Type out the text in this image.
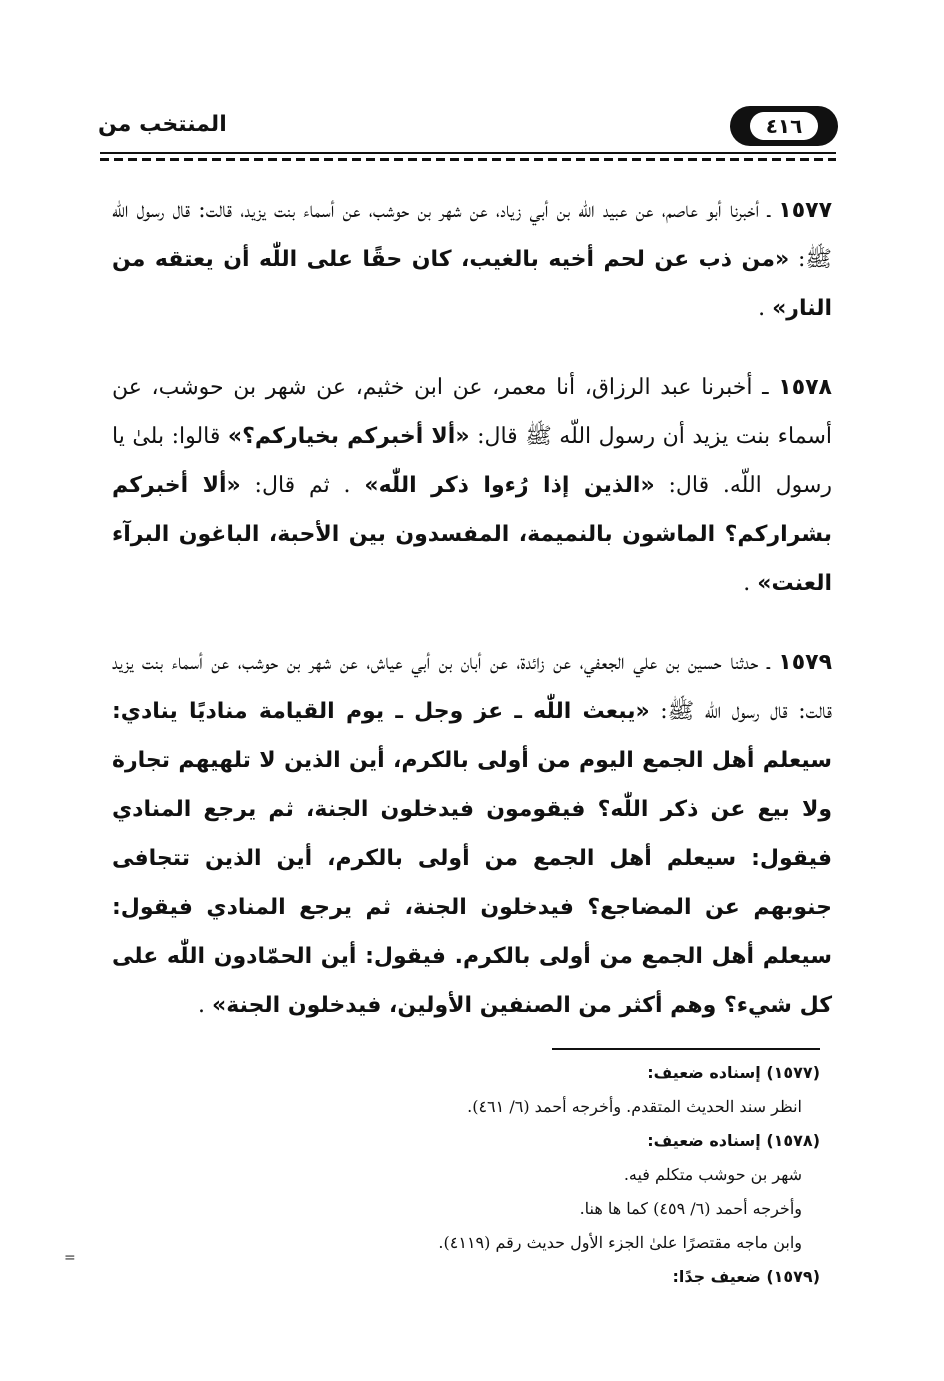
٤١٦
المنتخب من

١٥٧٧ ـ أخبرنا أبو عاصم، عن عبيد اللّه بن أبي زياد، عن شهر بن حوشب، عن أسماء بنت يزيد، قالت: قال رسول اللّه ﷺ: «من ذب عن لحم أخيه بالغيب، كان حقًا على اللّٰه أن يعتقه من النار» .

١٥٧٨ ـ أخبرنا عبد الرزاق، أنا معمر، عن ابن خثيم، عن شهر بن حوشب، عن أسماء بنت يزيد أن رسول اللّه ﷺ قال: «ألا أخبركم بخياركم؟» قالوا: بلىٰ يا رسول اللّه. قال: «الذين إذا رُءوا ذكر اللّٰه» . ثم قال: «ألا أخبركم بشراركم؟ الماشون بالنميمة، المفسدون بين الأحبة، الباغون البرآء العنت» .

١٥٧٩ ـ حدثنا حسين بن علي الجعفي، عن زائدة، عن أبان بن أبي عياش، عن شهر بن حوشب، عن أسماء بنت يزيد قالت: قال رسول اللّه ﷺ: «يبعث اللّٰه ـ عز وجل ـ يوم القيامة مناديًا ينادي: سيعلم أهل الجمع اليوم من أولى بالكرم، أين الذين لا تلهيهم تجارة ولا بيع عن ذكر اللّٰه؟ فيقومون فيدخلون الجنة، ثم يرجع المنادي فيقول: سيعلم أهل الجمع من أولى بالكرم، أين الذين تتجافى جنوبهم عن المضاجع؟ فيدخلون الجنة، ثم يرجع المنادي فيقول: سيعلم أهل الجمع من أولى بالكرم. فيقول: أين الحمّادون اللّٰه على كل شيء؟ وهم أكثر من الصنفين الأولين، فيدخلون الجنة» .

(١٥٧٧) إسناده ضعيف:
انظر سند الحديث المتقدم. وأخرجه أحمد (٦/ ٤٦١).
(١٥٧٨) إسناده ضعيف:
شهر بن حوشب متكلم فيه.
وأخرجه أحمد (٦/ ٤٥٩) كما ها هنا.
وابن ماجه مقتصرًا علىٰ الجزء الأول حديث رقم (٤١١٩).
(١٥٧٩) ضعيف جدًا:
=
